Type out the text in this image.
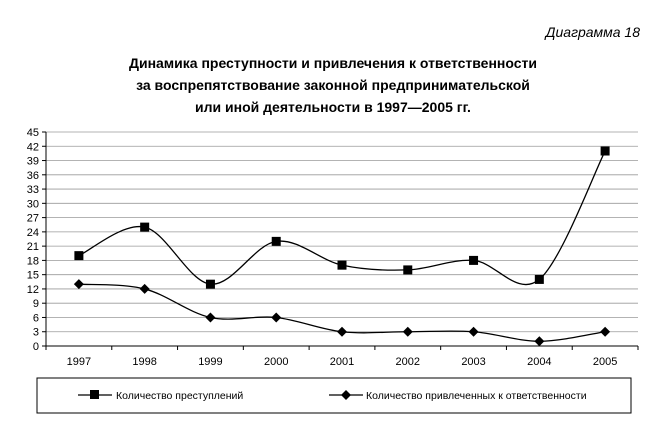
Диаграмма 18
Динамика преступности и привлечения к ответственности
за воспрепятствование законной предпринимательской
или иной деятельности в 1997—2005 гг.
0
3
6
9
12
15
18
21
24
27
30
33
36
39
42
45
1997	1998	1999	2000	2001	2002	2003	2004	2005
Количество преступлений	Количество привлеченных к ответственности
